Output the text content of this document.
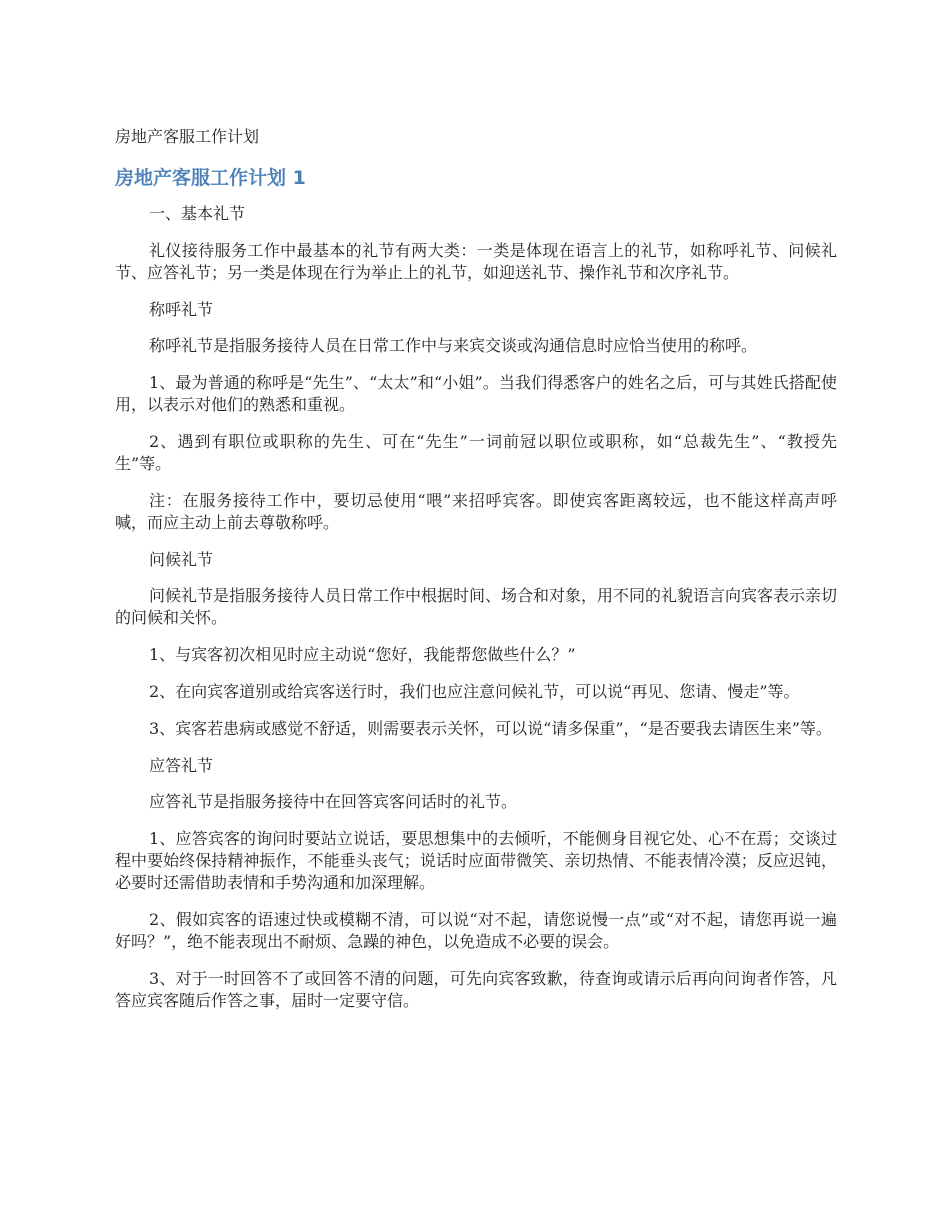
房地产客服工作计划
房地产客服工作计划 1

一、基本礼节

礼仪接待服务工作中最基本的礼节有两大类：一类是体现在语言上的礼节，如称呼礼节、问候礼节、应答礼节；另一类是体现在行为举止上的礼节，如迎送礼节、操作礼节和次序礼节。

称呼礼节

称呼礼节是指服务接待人员在日常工作中与来宾交谈或沟通信息时应恰当使用的称呼。

1、最为普通的称呼是“先生”、“太太”和“小姐”。当我们得悉客户的姓名之后，可与其姓氏搭配使用，以表示对他们的熟悉和重视。

2、遇到有职位或职称的先生、可在“先生”一词前冠以职位或职称，如“总裁先生”、“教授先生”等。

注：在服务接待工作中，要切忌使用“喂”来招呼宾客。即使宾客距离较远，也不能这样高声呼喊，而应主动上前去尊敬称呼。

问候礼节

问候礼节是指服务接待人员日常工作中根据时间、场合和对象，用不同的礼貌语言向宾客表示亲切的问候和关怀。

1、与宾客初次相见时应主动说“您好，我能帮您做些什么？”

2、在向宾客道别或给宾客送行时，我们也应注意问候礼节，可以说“再见、您请、慢走”等。

3、宾客若患病或感觉不舒适，则需要表示关怀，可以说“请多保重”，“是否要我去请医生来”等。

应答礼节

应答礼节是指服务接待中在回答宾客问话时的礼节。

1、应答宾客的询问时要站立说话，要思想集中的去倾听，不能侧身目视它处、心不在焉；交谈过程中要始终保持精神振作，不能垂头丧气；说话时应面带微笑、亲切热情、不能表情冷漠；反应迟钝，必要时还需借助表情和手势沟通和加深理解。

2、假如宾客的语速过快或模糊不清，可以说“对不起，请您说慢一点”或“对不起，请您再说一遍好吗？”，绝不能表现出不耐烦、急躁的神色，以免造成不必要的误会。

3、对于一时回答不了或回答不清的问题，可先向宾客致歉，待查询或请示后再向问询者作答，凡答应宾客随后作答之事，届时一定要守信。
